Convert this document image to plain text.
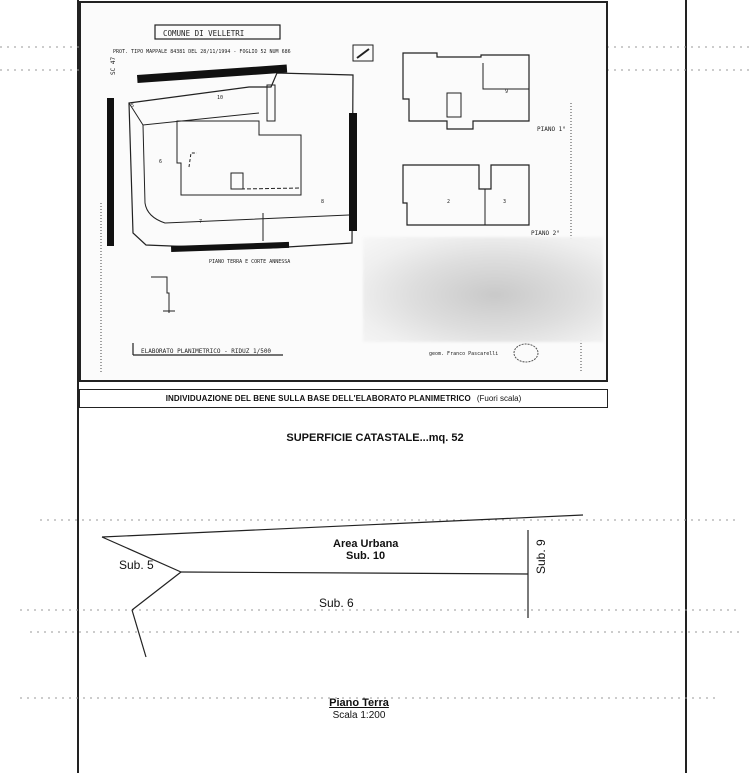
COMUNE DI VELLETRI
PROT. TIPO MAPPALE 84381 DEL 28/11/1994 - FOGLIO 52 NUM 686
SC 47
5
10
6
7
8
PIANO TERRA E CORTE ANNESSA
9
PIANO 1°
2	3
PIANO 2°
ELABORATO PLANIMETRICO - RIDUZ 1/500	geom. Franco Pascarelli
INDIVIDUAZIONE DEL BENE SULLA BASE DELL'ELABORATO PLANIMETRICO (Fuori scala)
SUPERFICIE CATASTALE...mq. 52
Sub. 5
Area Urbana
Sub. 10
Sub. 6
Sub. 9
Piano Terra
Scala 1:200
